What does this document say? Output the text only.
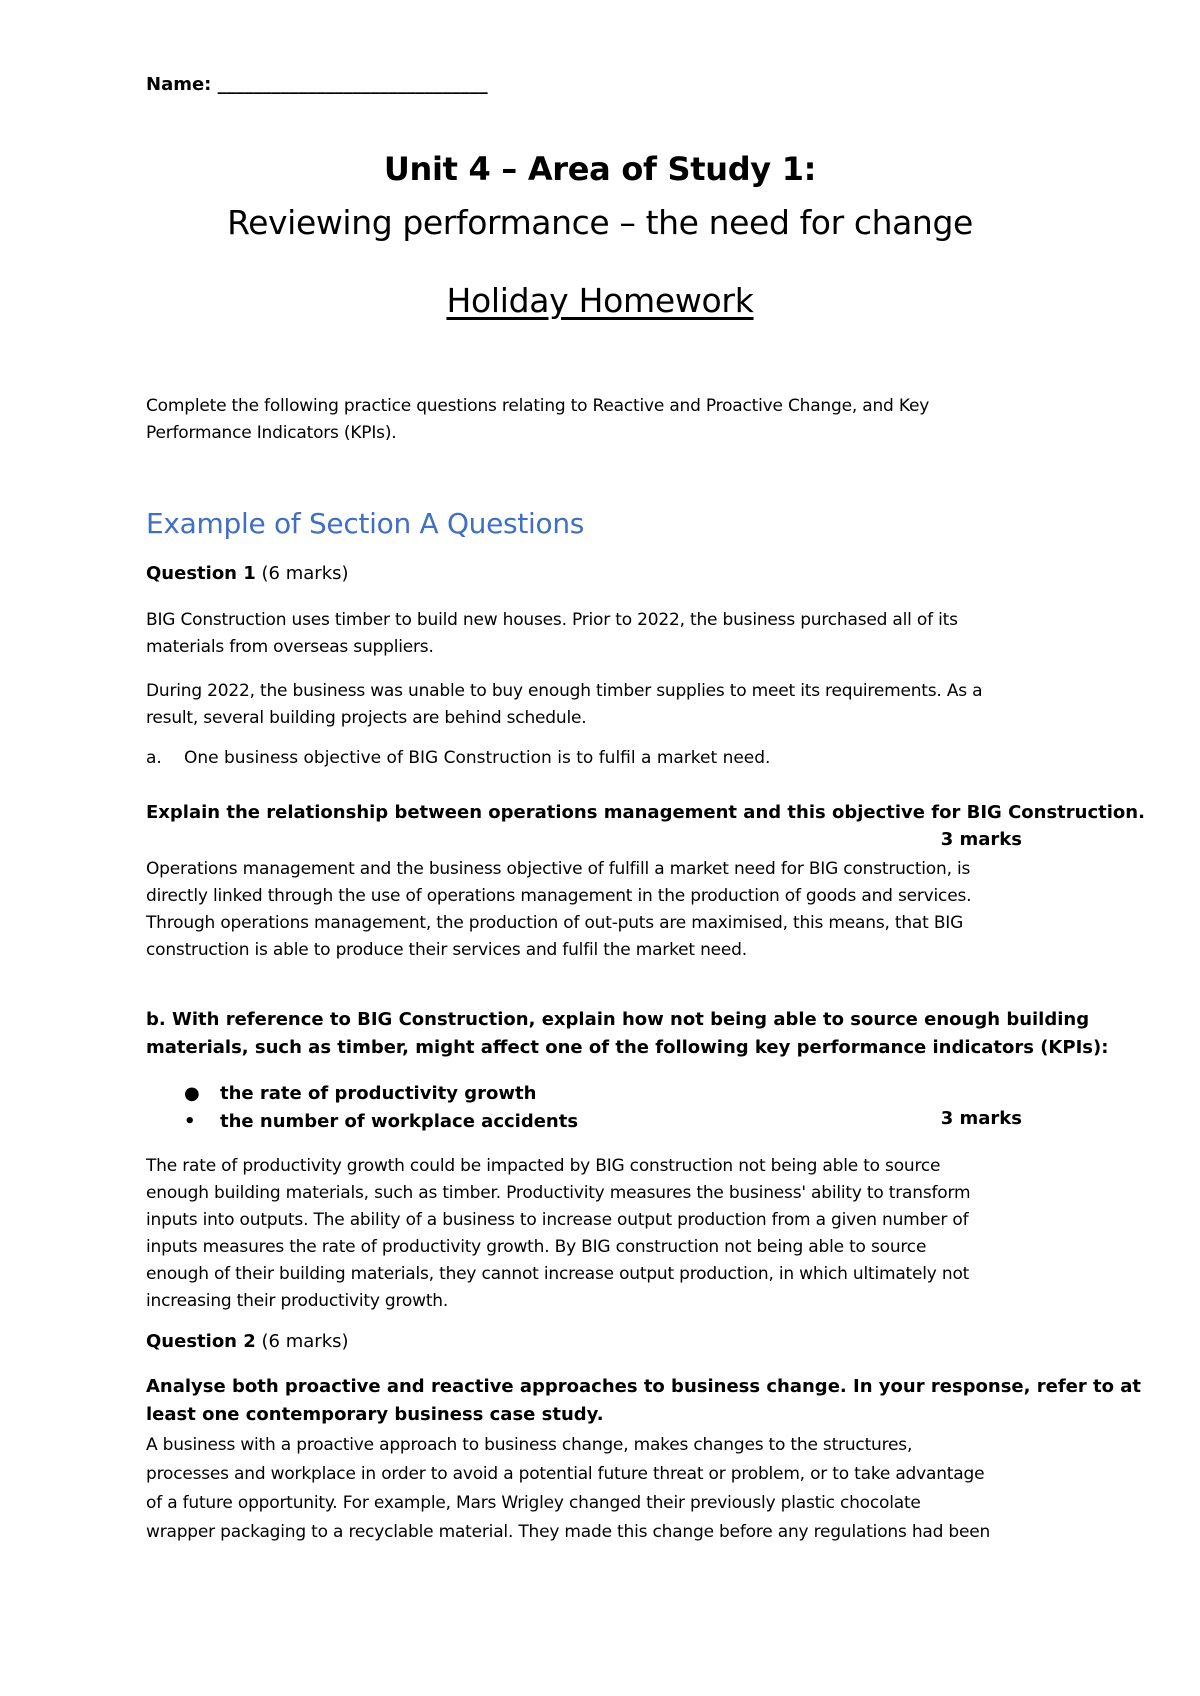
Name: ______________________________
Unit 4 – Area of Study 1:
Reviewing performance – the need for change
Holiday Homework
Complete the following practice questions relating to Reactive and Proactive Change, and Key
Performance Indicators (KPIs).
Example of Section A Questions
Question 1 (6 marks)
BIG Construction uses timber to build new houses. Prior to 2022, the business purchased all of its
materials from overseas suppliers.
During 2022, the business was unable to buy enough timber supplies to meet its requirements. As a
result, several building projects are behind schedule.
a. One business objective of BIG Construction is to fulfil a market need.
Explain the relationship between operations management and this objective for BIG Construction.
3 marks
Operations management and the business objective of fulfill a market need for BIG construction, is
directly linked through the use of operations management in the production of goods and services.
Through operations management, the production of out-puts are maximised, this means, that BIG
construction is able to produce their services and fulfil the market need.
b. With reference to BIG Construction, explain how not being able to source enough building
materials, such as timber, might affect one of the following key performance indicators (KPIs):
● the rate of productivity growth
• the number of workplace accidents	3 marks
The rate of productivity growth could be impacted by BIG construction not being able to source
enough building materials, such as timber. Productivity measures the business' ability to transform
inputs into outputs. The ability of a business to increase output production from a given number of
inputs measures the rate of productivity growth. By BIG construction not being able to source
enough of their building materials, they cannot increase output production, in which ultimately not
increasing their productivity growth.
Question 2 (6 marks)
Analyse both proactive and reactive approaches to business change. In your response, refer to at
least one contemporary business case study.
A business with a proactive approach to business change, makes changes to the structures,
processes and workplace in order to avoid a potential future threat or problem, or to take advantage
of a future opportunity. For example, Mars Wrigley changed their previously plastic chocolate
wrapper packaging to a recyclable material. They made this change before any regulations had been
